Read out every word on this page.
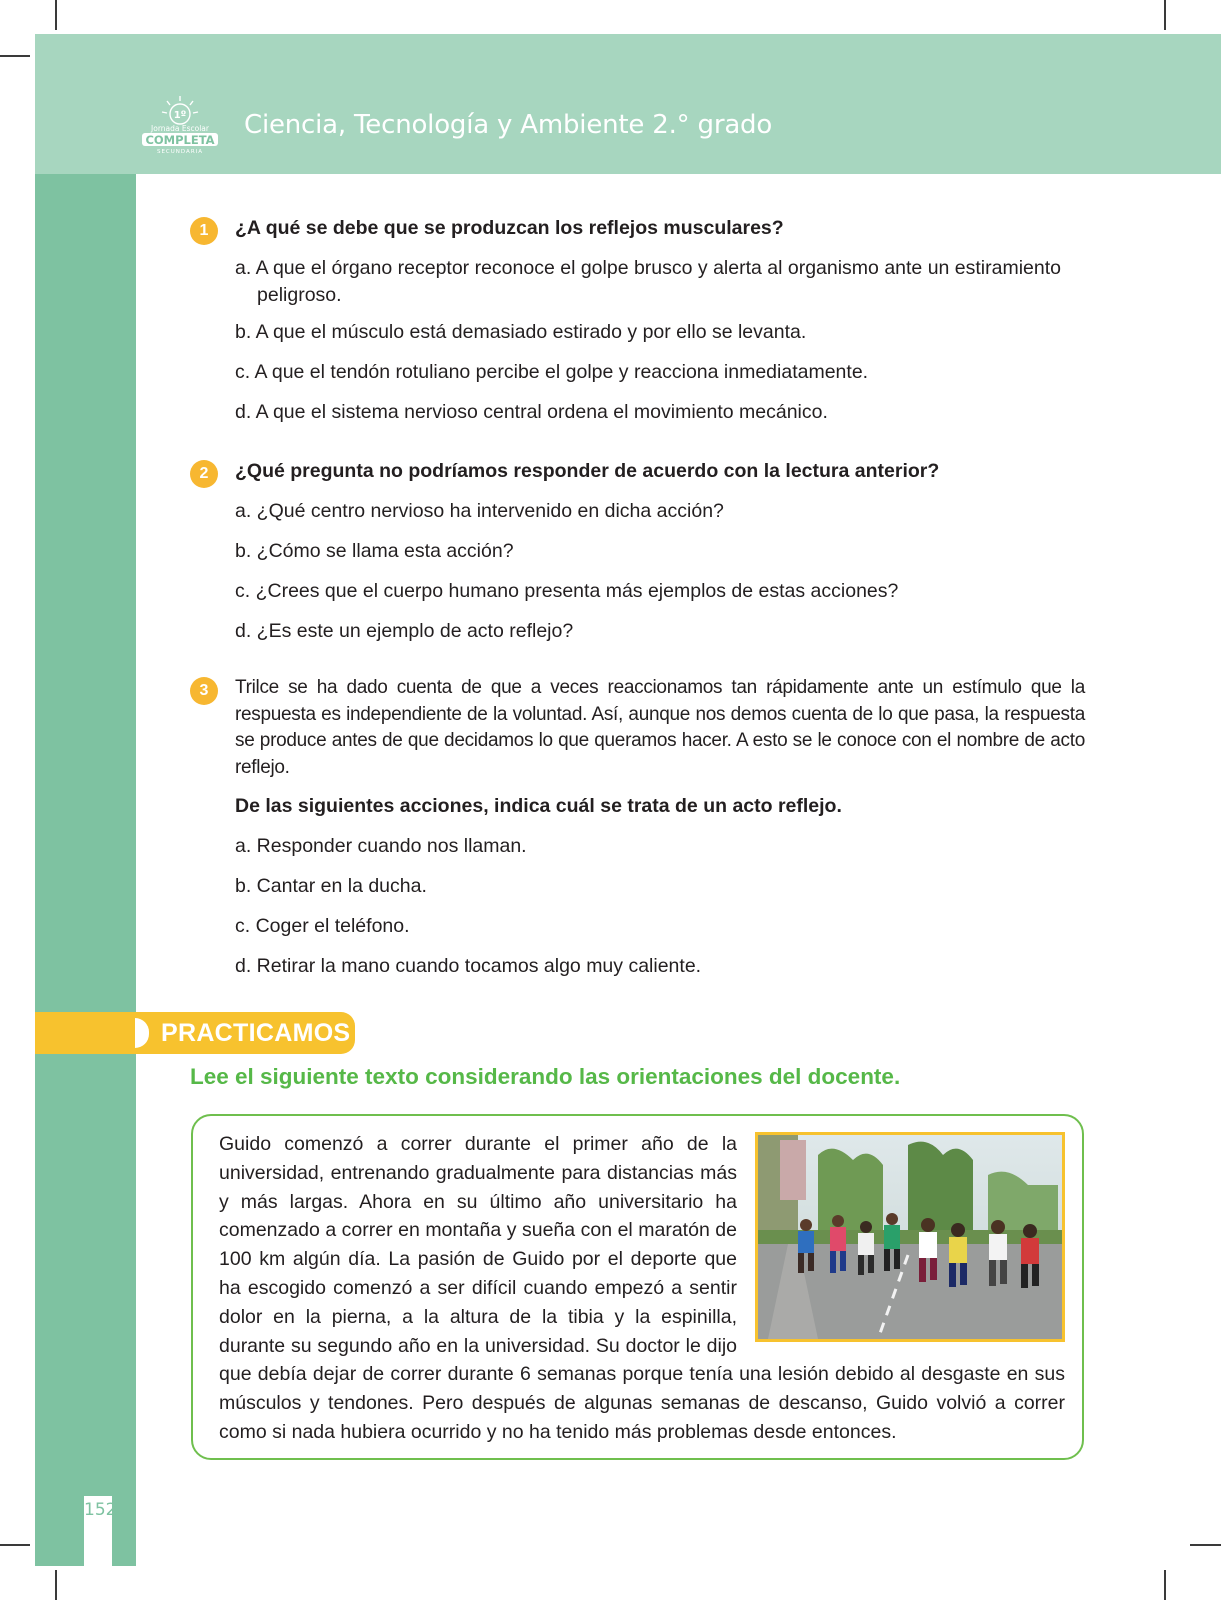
1º
Jornada Escolar
COMPLETA
SECUNDARIA
Ciencia, Tecnología y Ambiente 2.° grado
1	¿A qué se debe que se produzcan los reflejos musculares?
a. A que el órgano receptor reconoce el golpe brusco y alerta al organismo ante un estiramiento peligroso.
b. A que el músculo está demasiado estirado y por ello se levanta.
c. A que el tendón rotuliano percibe el golpe y reacciona inmediatamente.
d. A que el sistema nervioso central ordena el movimiento mecánico.
2	¿Qué pregunta no podríamos responder de acuerdo con la lectura anterior?
a. ¿Qué centro nervioso ha intervenido en dicha acción?
b. ¿Cómo se llama esta acción?
c. ¿Crees que el cuerpo humano presenta más ejemplos de estas acciones?
d. ¿Es este un ejemplo de acto reflejo?
3	Trilce se ha dado cuenta de que a veces reaccionamos tan rápidamente ante un estímulo que la respuesta es independiente de la voluntad. Así, aunque nos demos cuenta de lo que pasa, la respuesta se produce antes de que decidamos lo que queramos hacer. A esto se le conoce con el nombre de acto reflejo.
De las siguientes acciones, indica cuál se trata de un acto reflejo.
a. Responder cuando nos llaman.
b. Cantar en la ducha.
c. Coger el teléfono.
d. Retirar la mano cuando tocamos algo muy caliente.
PRACTICAMOS
Lee el siguiente texto considerando las orientaciones del docente.
Guido comenzó a correr durante el primer año de la universidad, entrenando gradualmente para distancias más y más largas. Ahora en su último año universitario ha comenzado a correr en montaña y sueña con el maratón de 100 km algún día. La pasión de Guido por el deporte que ha escogido comenzó a ser difícil cuando empezó a sentir dolor en la pierna, a la altura de la tibia y la espinilla, durante su segundo año en la universidad. Su doctor le dijo que debía dejar de correr durante 6 semanas porque tenía una lesión debido al desgaste en sus músculos y tendones. Pero después de algunas semanas de descanso, Guido volvió a correr como si nada hubiera ocurrido y no ha tenido más problemas desde entonces.
152
